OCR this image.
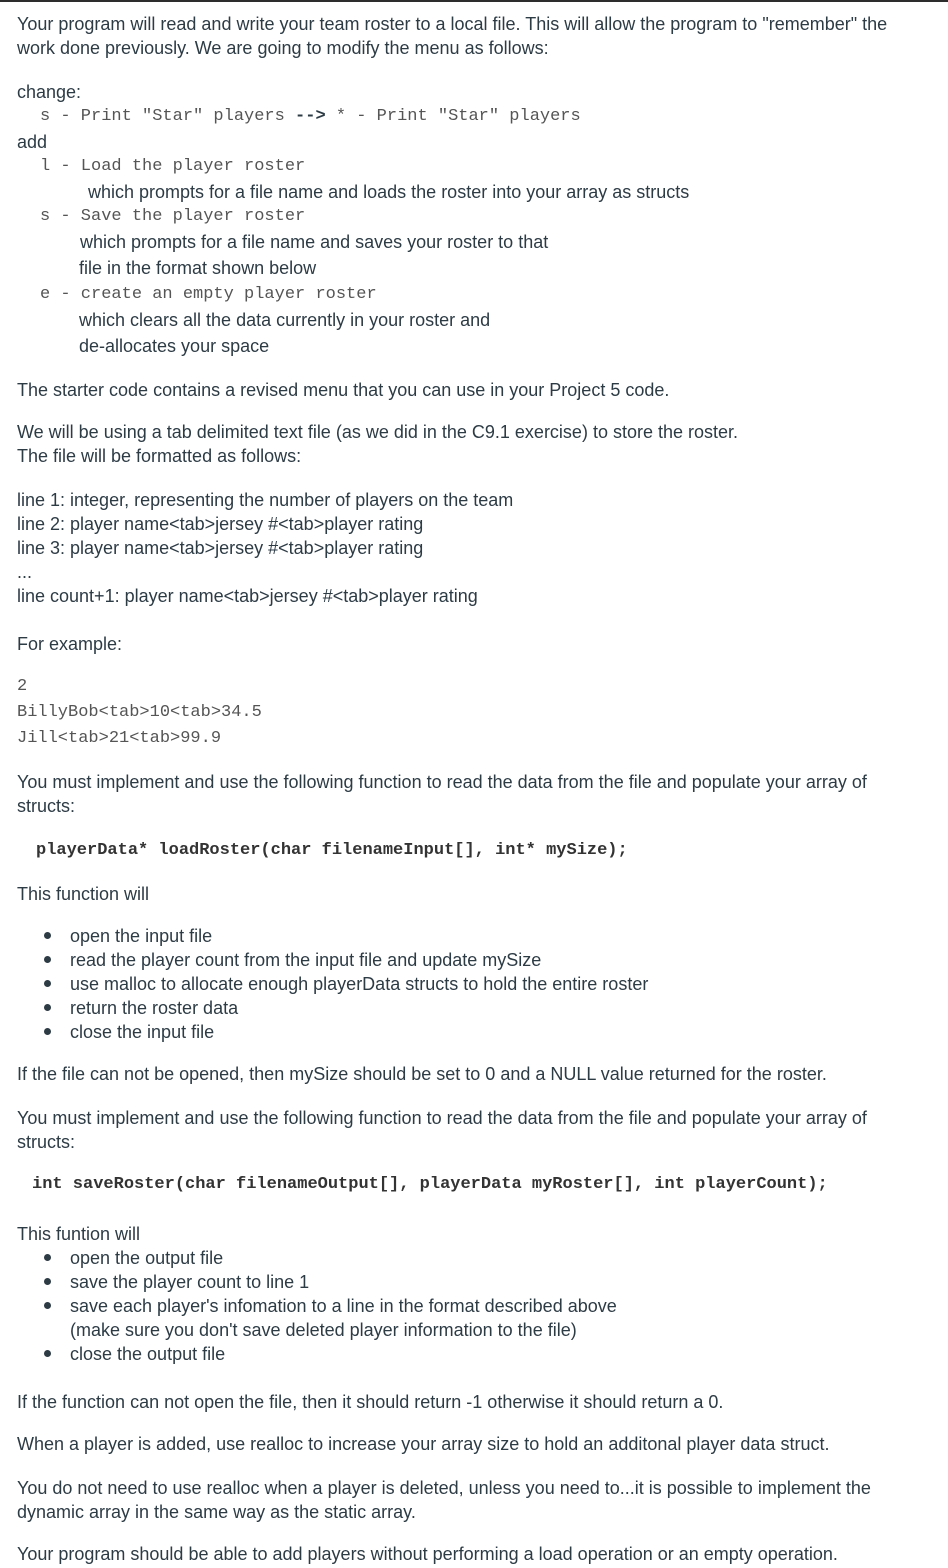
Your program will read and write your team roster to a local file. This will allow the program to "remember" the
work done previously. We are going to modify the menu as follows:
change:
s - Print "Star" players --> * - Print "Star" players
add
l - Load the player roster
which prompts for a file name and loads the roster into your array as structs
s - Save the player roster
which prompts for a file name and saves your roster to that
file in the format shown below
e - create an empty player roster
which clears all the data currently in your roster and
de-allocates your space
The starter code contains a revised menu that you can use in your Project 5 code.
We will be using a tab delimited text file (as we did in the C9.1 exercise) to store the roster.
The file will be formatted as follows:
line 1: integer, representing the number of players on the team
line 2: player name<tab>jersey #<tab>player rating
line 3: player name<tab>jersey #<tab>player rating
...
line count+1: player name<tab>jersey #<tab>player rating
For example:
2
BillyBob<tab>10<tab>34.5
Jill<tab>21<tab>99.9
You must implement and use the following function to read the data from the file and populate your array of
structs:
playerData* loadRoster(char filenameInput[], int* mySize);
This function will
open the input file
read the player count from the input file and update mySize
use malloc to allocate enough playerData structs to hold the entire roster
return the roster data
close the input file
If the file can not be opened, then mySize should be set to 0 and a NULL value returned for the roster.
You must implement and use the following function to read the data from the file and populate your array of
structs:
int saveRoster(char filenameOutput[], playerData myRoster[], int playerCount);
This funtion will
open the output file
save the player count to line 1
save each player's infomation to a line in the format described above
(make sure you don't save deleted player information to the file)
close the output file
If the function can not open the file, then it should return -1 otherwise it should return a 0.
When a player is added, use realloc to increase your array size to hold an additonal player data struct.
You do not need to use realloc when a player is deleted, unless you need to...it is possible to implement the
dynamic array in the same way as the static array.
Your program should be able to add players without performing a load operation or an empty operation.
